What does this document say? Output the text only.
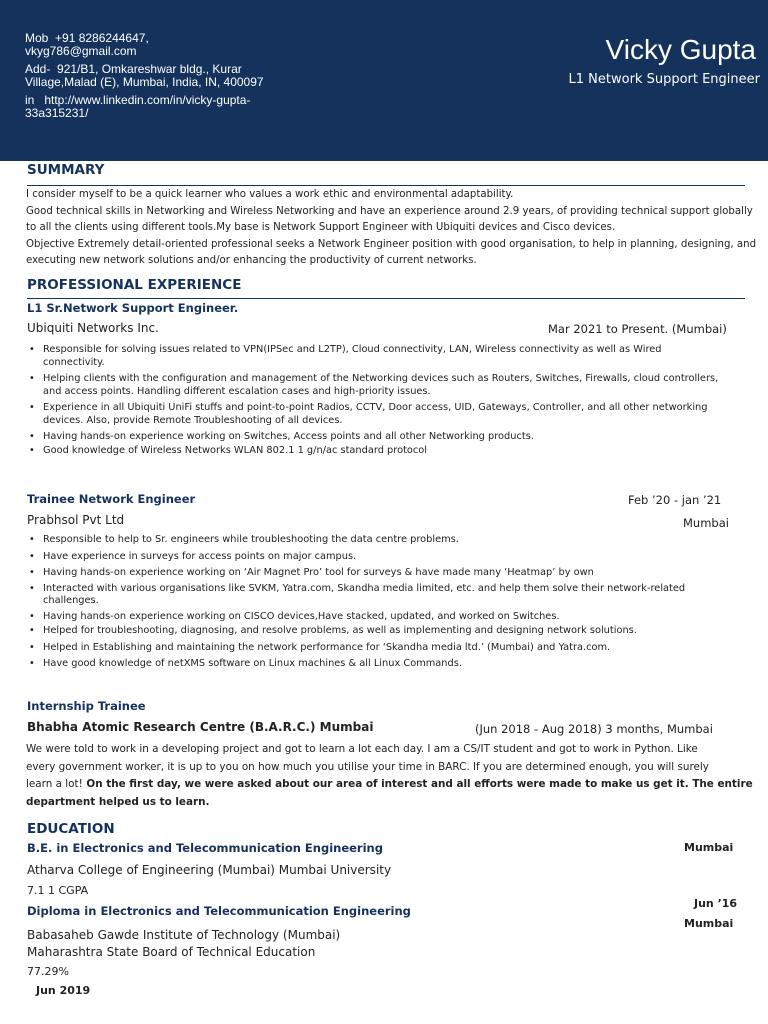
Mob  +91 8286244647,
vkyg786@gmail.com
Add-  921/B1, Omkareshwar bldg., Kurar Village,Malad (E), Mumbai, India, IN, 400097
in   http://www.linkedin.com/in/vicky-gupta-33a315231/
Vicky Gupta
L1 Network Support Engineer
SUMMARY

I consider myself to be a quick learner who values a work ethic and environmental adaptability.

Good technical skills in Networking and Wireless Networking and have an experience around 2.9 years, of providing technical support globally to all the clients using different tools.My base is Network Support Engineer with Ubiquiti devices and Cisco devices.

Objective Extremely detail-oriented professional seeks a Network Engineer position with good organisation, to help in planning, designing, and executing new network solutions and/or enhancing the productivity of current networks.

PROFESSIONAL EXPERIENCE
L1 Sr.Network Support Engineer.
Ubiquiti Networks Inc.	Mar 2021 to Present. (Mumbai)
• Responsible for solving issues related to VPN(IPSec and L2TP), Cloud connectivity, LAN, Wireless connectivity as well as Wired connectivity.
• Helping clients with the configuration and management of the Networking devices such as Routers, Switches, Firewalls, cloud controllers, and access points. Handling different escalation cases and high-priority issues.
• Experience in all Ubiquiti UniFi stuffs and point-to-point Radios, CCTV, Door access, UID, Gateways, Controller, and all other networking devices. Also, provide Remote Troubleshooting of all devices.
• Having hands-on experience working on Switches, Access points and all other Networking products.
• Good knowledge of Wireless Networks WLAN 802.1 1 g/n/ac standard protocol
Trainee Network Engineer	Feb ’20 - jan ’21
Prabhsol Pvt Ltd	Mumbai
• Responsible to help to Sr. engineers while troubleshooting the data centre problems.
• Have experience in surveys for access points on major campus.
• Having hands-on experience working on ‘Air Magnet Pro’ tool for surveys & have made many ‘Heatmap’ by own
• Interacted with various organisations like SVKM, Yatra.com, Skandha media limited, etc. and help them solve their network-related challenges.
• Having hands-on experience working on CISCO devices,Have stacked, updated, and worked on Switches.
• Helped for troubleshooting, diagnosing, and resolve problems, as well as implementing and designing network solutions.
• Helped in Establishing and maintaining the network performance for ‘Skandha media ltd.’ (Mumbai) and Yatra.com.
• Have good knowledge of netXMS software on Linux machines & all Linux Commands.
Internship Trainee
Bhabha Atomic Research Centre (B.A.R.C.) Mumbai	(Jun 2018 - Aug 2018) 3 months, Mumbai

We were told to work in a developing project and got to learn a lot each day. I am a CS/IT student and got to work in Python. Like

every government worker, it is up to you on how much you utilise your time in BARC. If you are determined enough, you will surely

learn a lot! On the first day, we were asked about our area of interest and all efforts were made to make us get it. The entire

department helped us to learn.

EDUCATION
B.E. in Electronics and Telecommunication Engineering	Mumbai
Atharva College of Engineering (Mumbai) Mumbai University
7.1 1 CGPA
Jun ’16
Diploma in Electronics and Telecommunication Engineering
Mumbai
Babasaheb Gawde Institute of Technology (Mumbai)
Maharashtra State Board of Technical Education
77.29%
Jun 2019
